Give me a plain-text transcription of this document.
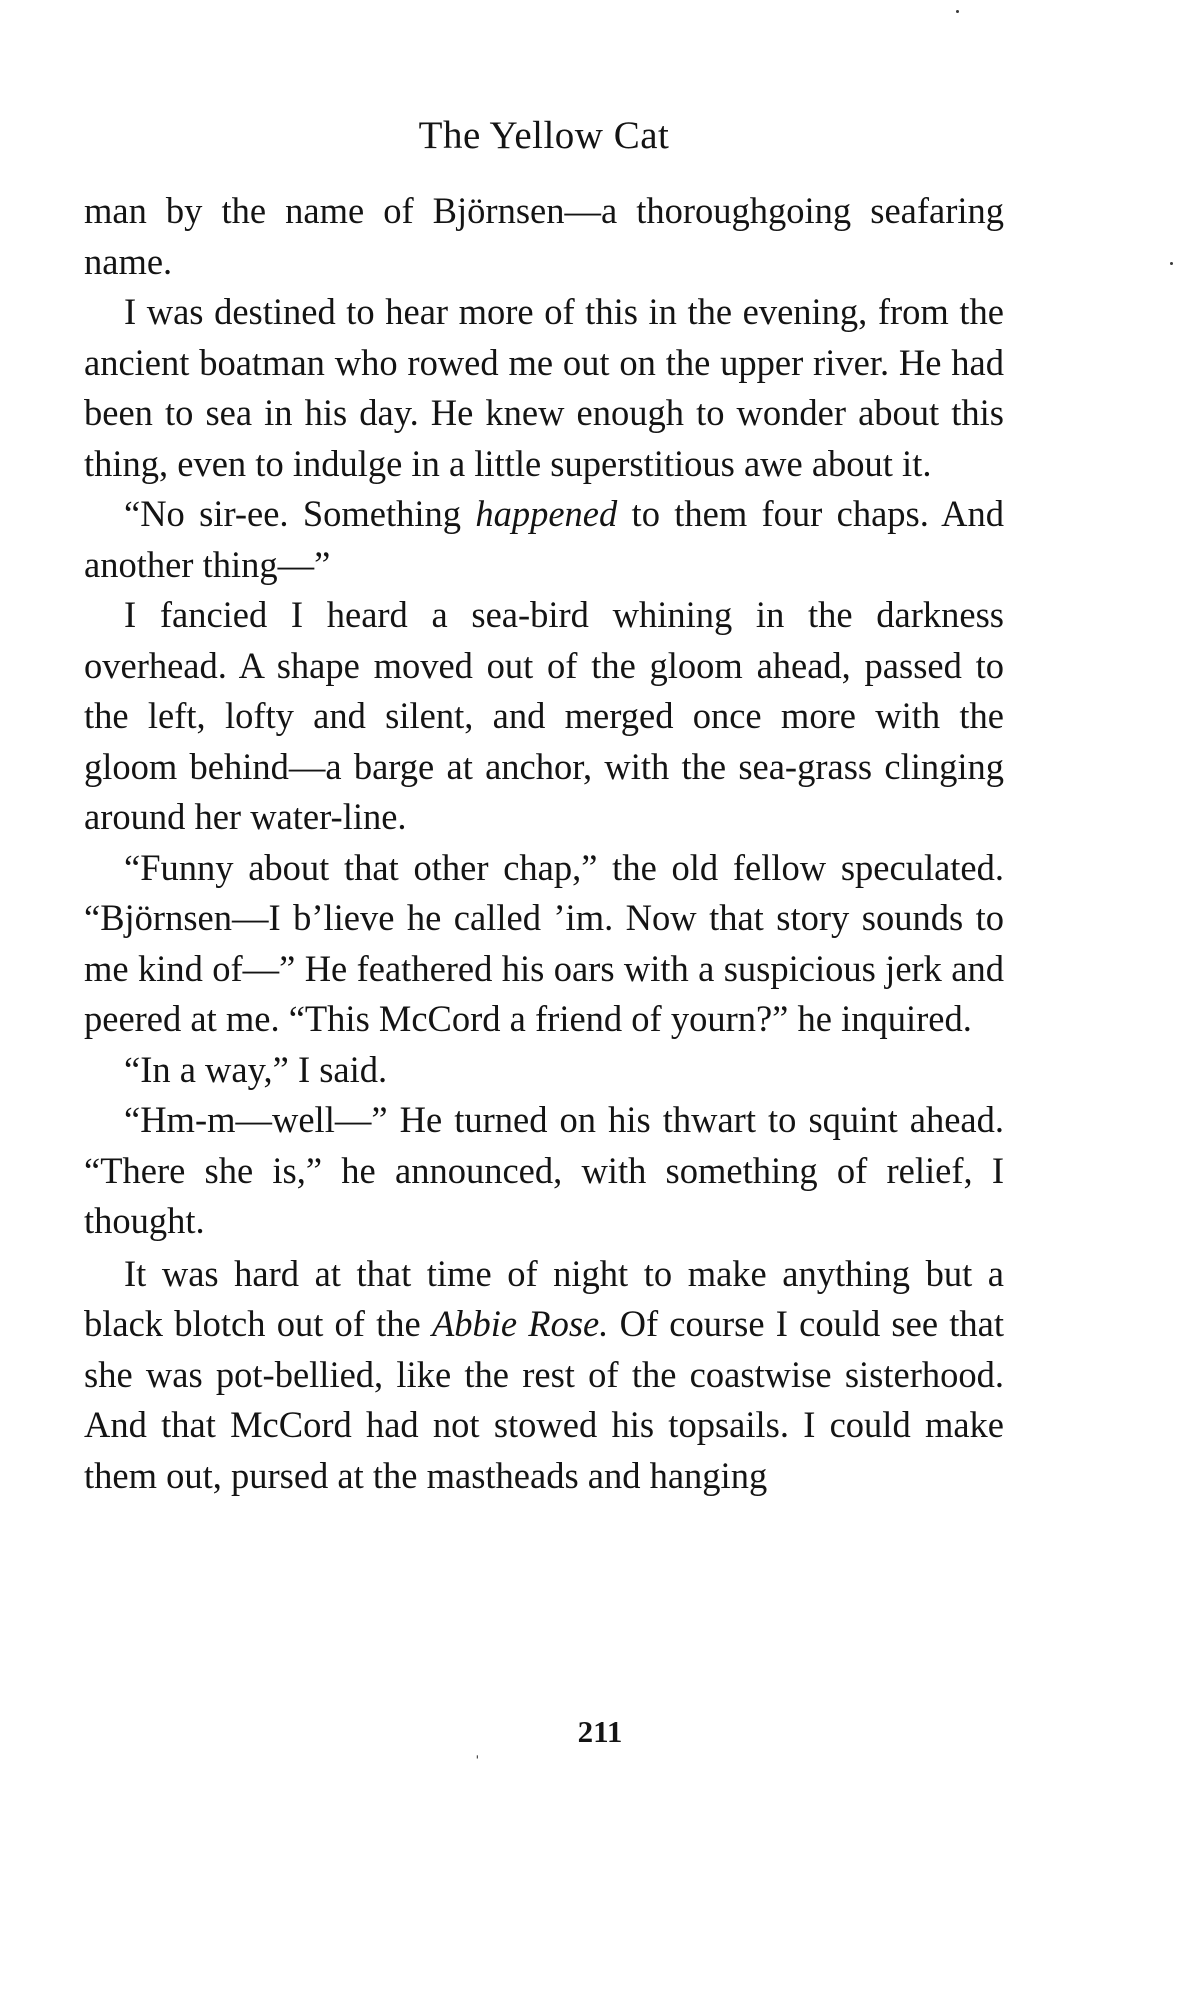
The Yellow Cat

man by the name of Björnsen—a thoroughgoing seafaring name.

I was destined to hear more of this in the evening, from the ancient boatman who rowed me out on the upper river. He had been to sea in his day. He knew enough to wonder about this thing, even to indulge in a little superstitious awe about it.

“No sir-ee. Something happened to them four chaps. And another thing—”

I fancied I heard a sea-bird whining in the darkness overhead. A shape moved out of the gloom ahead, passed to the left, lofty and silent, and merged once more with the gloom behind—a barge at anchor, with the sea-grass clinging around her water-line.

“Funny about that other chap,” the old fellow speculated. “Björnsen—I b’lieve he called ’im. Now that story sounds to me kind of—” He feathered his oars with a suspicious jerk and peered at me. “This McCord a friend of yourn?” he inquired.

“In a way,” I said.

“Hm-m—well—” He turned on his thwart to squint ahead. “There she is,” he announced, with something of relief, I thought.

It was hard at that time of night to make anything but a black blotch out of the Abbie Rose. Of course I could see that she was pot-bellied, like the rest of the coastwise sisterhood. And that McCord had not stowed his topsails. I could make them out, pursed at the mastheads and hanging

ˌ	211
